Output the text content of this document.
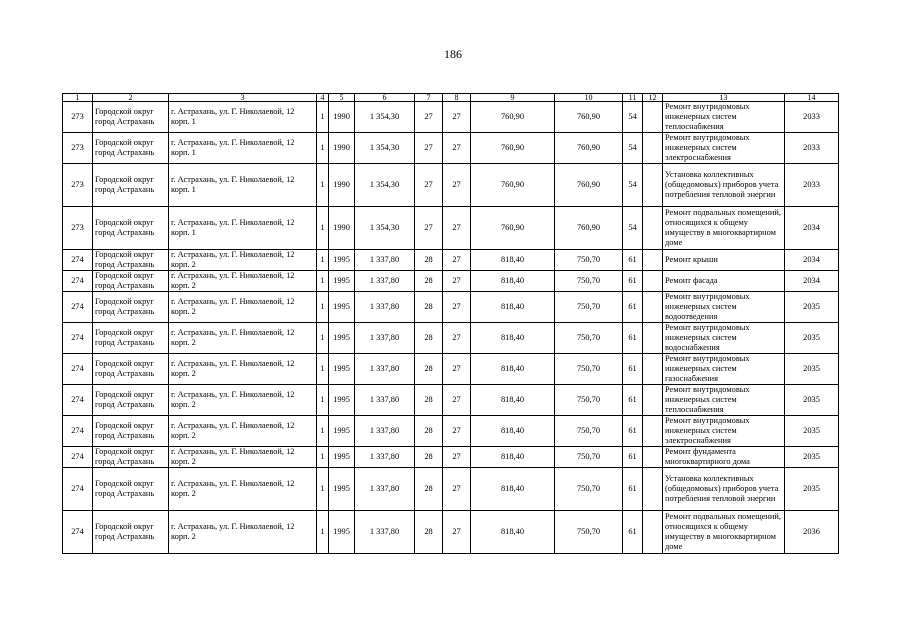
186
1	2	3	4	5	6	7	8	9	10	11	12	13	14
273	Городской округ город Астрахань	г. Астрахань, ул. Г. Николаевой, 12 корп. 1	1	1990	1 354,30	27	27	760,90	760,90	54		Ремонт внутридомовых инженерных систем теплоснабжения	2033
273	Городской округ город Астрахань	г. Астрахань, ул. Г. Николаевой, 12 корп. 1	1	1990	1 354,30	27	27	760,90	760,90	54		Ремонт внутридомовых инженерных систем электроснабжения	2033
273	Городской округ город Астрахань	г. Астрахань, ул. Г. Николаевой, 12 корп. 1	1	1990	1 354,30	27	27	760,90	760,90	54		Установка коллективных (общедомовых) приборов учета потребления тепловой энергии	2033
273	Городской округ город Астрахань	г. Астрахань, ул. Г. Николаевой, 12 корп. 1	1	1990	1 354,30	27	27	760,90	760,90	54		Ремонт подвальных помещений, относящихся к общему имуществу в многоквартирном доме	2034
274	Городской округ город Астрахань	г. Астрахань, ул. Г. Николаевой, 12 корп. 2	1	1995	1 337,80	28	27	818,40	750,70	61		Ремонт крыши	2034
274	Городской округ город Астрахань	г. Астрахань, ул. Г. Николаевой, 12 корп. 2	1	1995	1 337,80	28	27	818,40	750,70	61		Ремонт фасада	2034
274	Городской округ город Астрахань	г. Астрахань, ул. Г. Николаевой, 12 корп. 2	1	1995	1 337,80	28	27	818,40	750,70	61		Ремонт внутридомовых инженерных систем водоотведения	2035
274	Городской округ город Астрахань	г. Астрахань, ул. Г. Николаевой, 12 корп. 2	1	1995	1 337,80	28	27	818,40	750,70	61		Ремонт внутридомовых инженерных систем водоснабжения	2035
274	Городской округ город Астрахань	г. Астрахань, ул. Г. Николаевой, 12 корп. 2	1	1995	1 337,80	28	27	818,40	750,70	61		Ремонт внутридомовых инженерных систем газоснабжения	2035
274	Городской округ город Астрахань	г. Астрахань, ул. Г. Николаевой, 12 корп. 2	1	1995	1 337,80	28	27	818,40	750,70	61		Ремонт внутридомовых инженерных систем теплоснабжения	2035
274	Городской округ город Астрахань	г. Астрахань, ул. Г. Николаевой, 12 корп. 2	1	1995	1 337,80	28	27	818,40	750,70	61		Ремонт внутридомовых инженерных систем электроснабжения	2035
274	Городской округ город Астрахань	г. Астрахань, ул. Г. Николаевой, 12 корп. 2	1	1995	1 337,80	28	27	818,40	750,70	61		Ремонт фундамента многоквартирного дома	2035
274	Городской округ город Астрахань	г. Астрахань, ул. Г. Николаевой, 12 корп. 2	1	1995	1 337,80	28	27	818,40	750,70	61		Установка коллективных (общедомовых) приборов учета потребления тепловой энергии	2035
274	Городской округ город Астрахань	г. Астрахань, ул. Г. Николаевой, 12 корп. 2	1	1995	1 337,80	28	27	818,40	750,70	61		Ремонт подвальных помещений, относящихся к общему имуществу в многоквартирном доме	2036
